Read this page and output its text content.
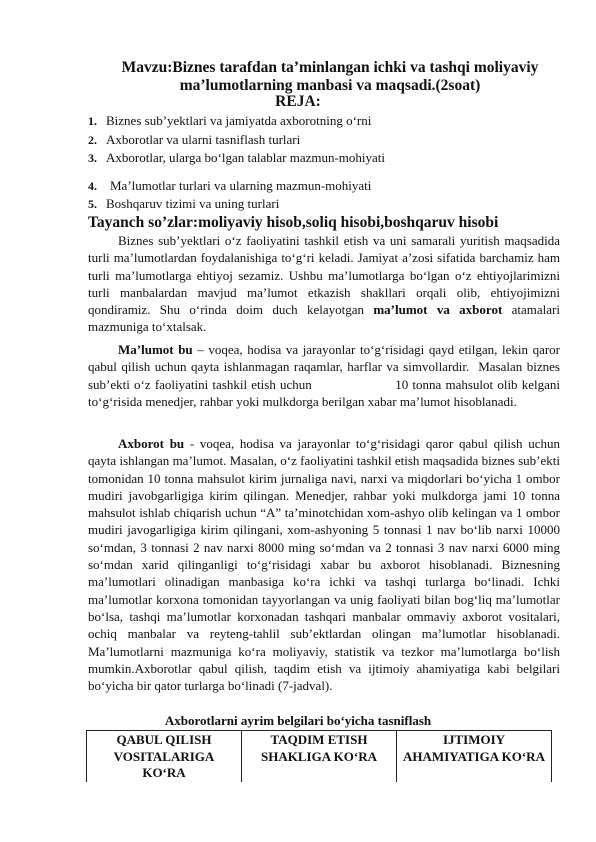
Mavzu:Biznes tarafdan ta’minlangan ichki va tashqi moliyaviy
ma’lumotlarning manbasi va maqsadi.(2soat)
REJA:
1. Biznes sub’yektlari va jamiyatda axborotning o‘rni
2. Axborotlar va ularni tasniflash turlari
3. Axborotlar, ularga bo‘lgan talablar mazmun-mohiyati
4. Ma’lumotlar turlari va ularning mazmun-mohiyati
5. Boshqaruv tizimi va uning turlari
Tayanch so’zlar:moliyaviy hisob,soliq hisobi,boshqaruv hisobi
Biznes sub’yektlari o‘z faoliyatini tashkil etish va uni samarali yuritish maqsadida turli ma’lumotlardan foydalanishiga to‘g‘ri keladi. Jamiyat a’zosi sifatida barchamiz ham turli ma’lumotlarga ehtiyoj sezamiz. Ushbu ma’lumotlarga bo‘lgan o‘z ehtiyojlarimizni turli manbalardan mavjud ma’lumot etkazish shakllari orqali olib, ehtiyojimizni qondiramiz. Shu o‘rinda doim duch kelayotgan ma’lumot va axborot atamalari mazmuniga to‘xtalsak.
Ma’lumot bu – voqea, hodisa va jarayonlar to‘g‘risidagi qayd etilgan, lekin qaror qabul qilish uchun qayta ishlanmagan raqamlar, harflar va simvollardir.  Masalan biznes sub’ekti o‘z faoliyatini tashkil etish uchun                    10 tonna mahsulot olib kelgani to‘g‘risida menedjer, rahbar yoki mulkdorga berilgan xabar ma’lumot hisoblanadi.
Axborot bu - voqea, hodisa va jarayonlar to‘g‘risidagi qaror qabul qilish uchun qayta ishlangan ma’lumot. Masalan, o‘z faoliyatini tashkil etish maqsadida biznes sub’ekti tomonidan 10 tonna mahsulot kirim jurnaliga navi, narxi va miqdorlari bo‘yicha 1 ombor mudiri javobgarligiga kirim qilingan. Menedjer, rahbar yoki mulkdorga jami 10 tonna mahsulot ishlab chiqarish uchun “A” ta’minotchidan xom-ashyo olib kelingan va 1 ombor mudiri javogarligiga kirim qilingani, xom-ashyoning 5 tonnasi 1 nav bo‘lib narxi 10000 so‘mdan, 3 tonnasi 2 nav narxi 8000 ming so‘mdan va 2 tonnasi 3 nav narxi 6000 ming so‘mdan xarid qilinganligi to‘g‘risidagi xabar bu axborot hisoblanadi. Biznesning ma’lumotlari olinadigan manbasiga ko‘ra ichki va tashqi turlarga bo‘linadi. Ichki ma’lumotlar korxona tomonidan tayyorlangan va unig faoliyati bilan bog‘liq ma’lumotlar bo‘lsa, tashqi ma’lumotlar korxonadan tashqari manbalar ommaviy axborot vositalari, ochiq manbalar va reyteng-tahlil sub’ektlardan olingan ma’lumotlar hisoblanadi. Ma’lumotlarni mazmuniga ko‘ra moliyaviy, statistik va tezkor ma’lumotlarga bo‘lish mumkin.Axborotlar qabul qilish, taqdim etish va ijtimoiy ahamiyatiga kabi belgilari bo‘yicha bir qator turlarga bo‘linadi (7-jadval).
Axborotlarni ayrim belgilari bo‘yicha tasniflash
QABUL QILISH VOSITALARIGA KO‘RA	TAQDIM ETISH SHAKLIGA KO‘RA	IJTIMOIY AHAMIYATIGA KO‘RA
